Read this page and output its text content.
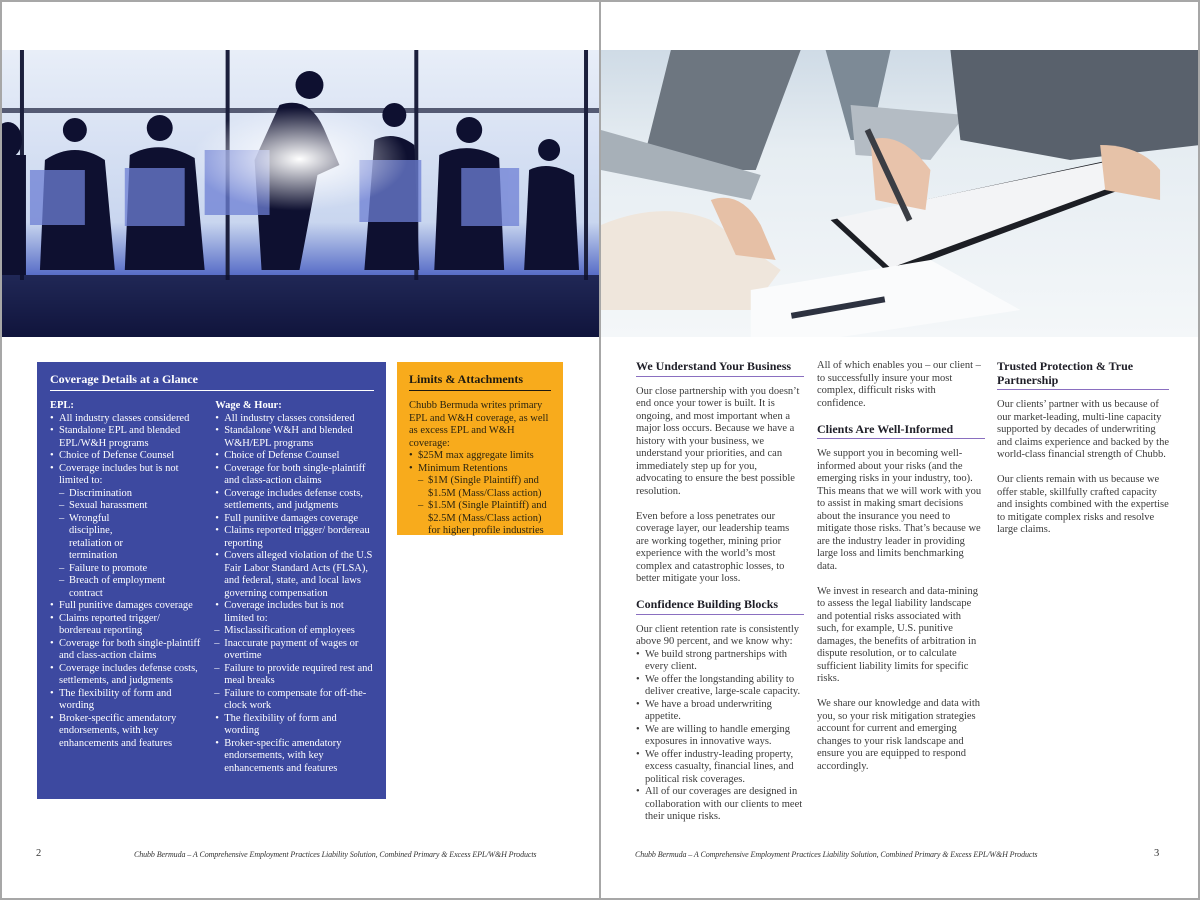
Coverage Details at a Glance
EPL:
• All industry classes considered
• Standalone EPL and blended EPL/W&H programs
• Choice of Defense Counsel
• Coverage includes but is not limited to:
– Discrimination
– Sexual harassment
– Wrongful discipline, retaliation or termination
– Failure to promote
– Breach of employment contract
• Full punitive damages coverage
• Claims reported trigger/ bordereau reporting
• Coverage for both single-plaintiff and class-action claims
• Coverage includes defense costs, settlements, and judgments
• The flexibility of form and wording
• Broker-specific amendatory endorsements, with key enhancements and features
Wage & Hour:
• All industry classes considered
• Standalone W&H and blended W&H/EPL programs
• Choice of Defense Counsel
• Coverage for both single-plaintiff and class-action claims
• Coverage includes defense costs, settlements, and judgments
• Full punitive damages coverage
• Claims reported trigger/ bordereau reporting
• Covers alleged violation of the U.S Fair Labor Standard Acts (FLSA), and federal, state, and local laws governing compensation
• Coverage includes but is not limited to:
– Misclassification of employees
– Inaccurate payment of wages or overtime
– Failure to provide required rest and meal breaks
– Failure to compensate for off-the-clock work
• The flexibility of form and wording
• Broker-specific amendatory endorsements, with key enhancements and features
Limits & Attachments

Chubb Bermuda writes primary EPL and W&H coverage, as well as excess EPL and W&H coverage:

• $25M max aggregate limits
• Minimum Retentions
– $1M (Single Plaintiff) and $1.5M (Mass/Class action)
– $1.5M (Single Plaintiff) and $2.5M (Mass/Class action) for higher profile industries
2	Chubb Bermuda – A Comprehensive Employment Practices Liability Solution, Combined Primary & Excess EPL/W&H Products
We Understand Your Business

Our close partnership with you doesn’t end once your tower is built. It is ongoing, and most important when a major loss occurs. Because we have a history with your business, we understand your priorities, and can immediately step up for you, advocating to ensure the best possible resolution.

Even before a loss penetrates our coverage layer, our leadership teams are working together, mining prior experience with the world’s most complex and catastrophic losses, to better mitigate your loss.

Confidence Building Blocks

Our client retention rate is consistently above 90 percent, and we know why:

• We build strong partnerships with every client.
• We offer the longstanding ability to deliver creative, large-scale capacity.
• We have a broad underwriting appetite.
• We are willing to handle emerging exposures in innovative ways.
• We offer industry-leading property, excess casualty, financial lines, and political risk coverages.
• All of our coverages are designed in collaboration with our clients to meet their unique risks.

All of which enables you – our client – to successfully insure your most complex, difficult risks with confidence.

Clients Are Well-Informed

We support you in becoming well-informed about your risks (and the emerging risks in your industry, too). This means that we will work with you to assist in making smart decisions about the insurance you need to mitigate those risks. That’s because we are the industry leader in providing large loss and limits benchmarking data.

We invest in research and data-mining to assess the legal liability landscape and potential risks associated with such, for example, U.S. punitive damages, the benefits of arbitration in dispute resolution, or to calculate sufficient liability limits for specific risks.

We share our knowledge and data with you, so your risk mitigation strategies account for current and emerging changes to your risk landscape and ensure you are equipped to respond accordingly.

Trusted Protection & True Partnership

Our clients’ partner with us because of our market-leading, multi-line capacity supported by decades of underwriting and claims experience and backed by the world-class financial strength of Chubb.

Our clients remain with us because we offer stable, skillfully crafted capacity and insights combined with the expertise to mitigate complex risks and resolve large claims.

Chubb Bermuda – A Comprehensive Employment Practices Liability Solution, Combined Primary & Excess EPL/W&H Products	3
